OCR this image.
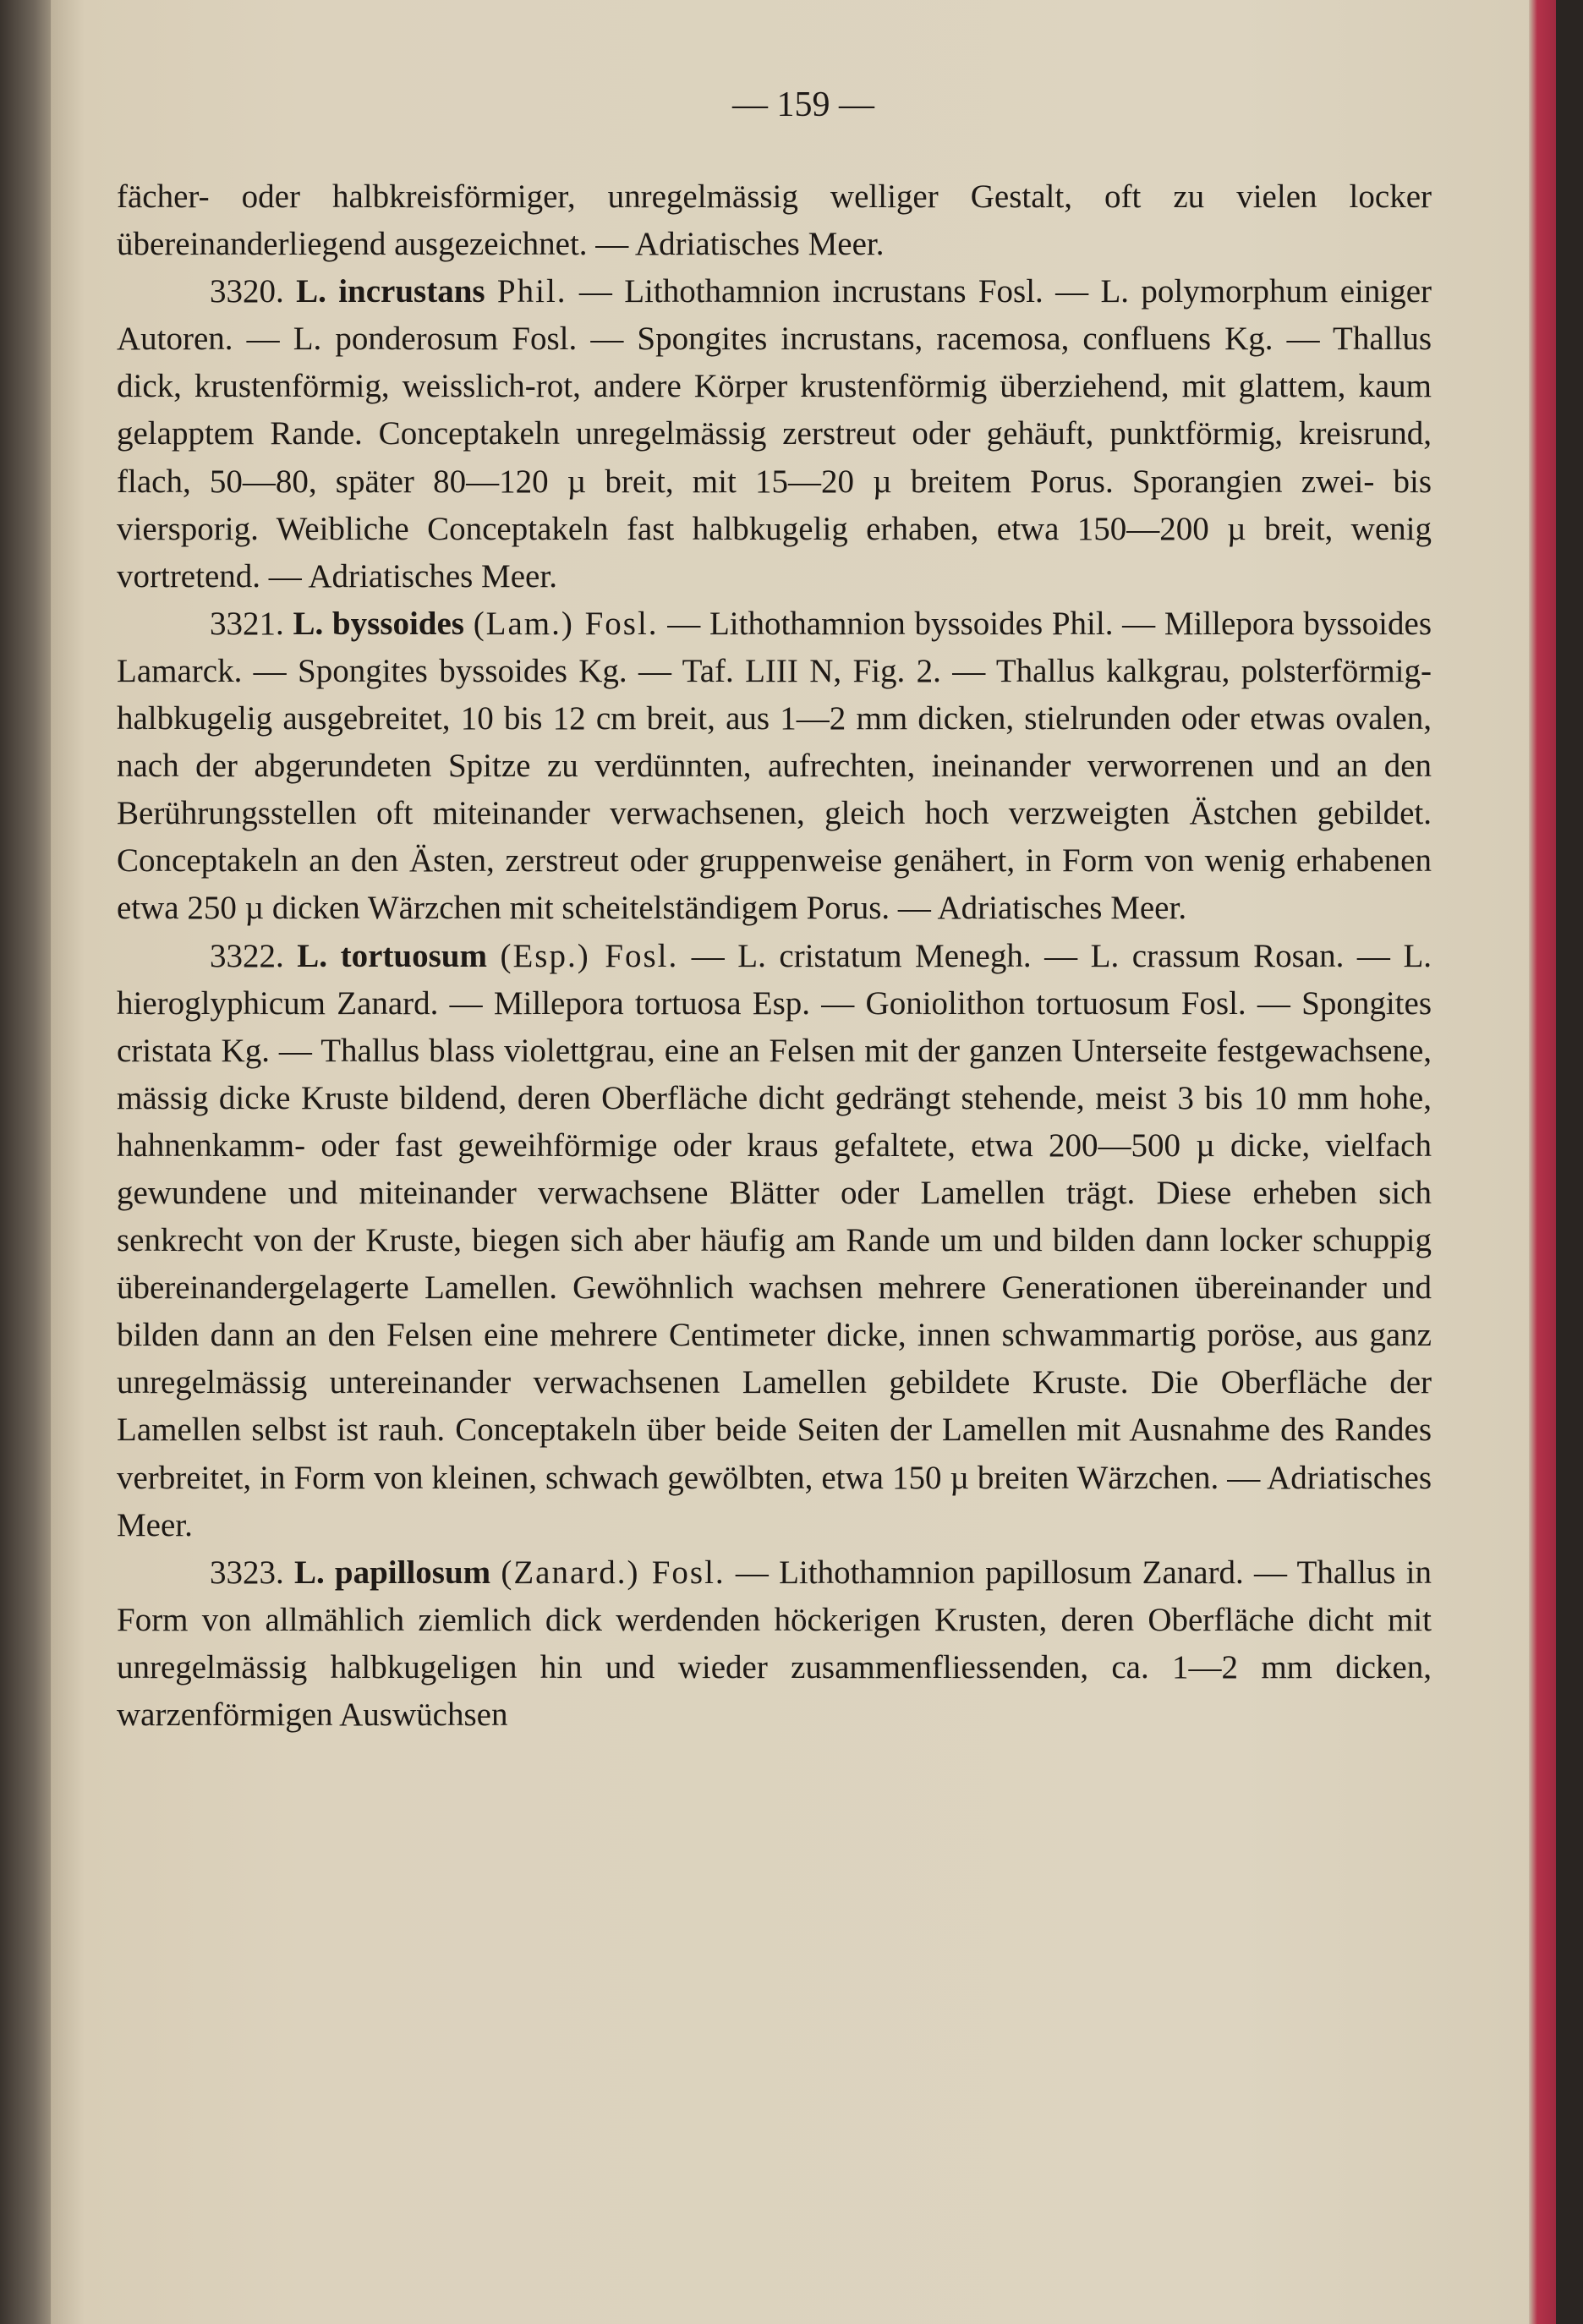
— 159 —

fächer- oder halbkreisförmiger, unregelmässig welliger Gestalt, oft zu vielen locker übereinanderliegend ausgezeichnet. — Adriatisches Meer.

3320. L. incrustans Phil. — Lithothamnion incrustans Fosl. — L. polymorphum einiger Autoren. — L. ponderosum Fosl. — Spongites incrustans, racemosa, confluens Kg. — Thallus dick, krustenförmig, weisslich-rot, andere Körper krustenförmig überziehend, mit glattem, kaum gelapptem Rande. Conceptakeln unregelmässig zerstreut oder gehäuft, punktförmig, kreisrund, flach, 50—80, später 80—120 µ breit, mit 15—20 µ breitem Porus. Sporangien zwei- bis viersporig. Weibliche Conceptakeln fast halbkugelig erhaben, etwa 150—200 µ breit, wenig vortretend. — Adriatisches Meer.

3321. L. byssoides (Lam.) Fosl. — Lithothamnion byssoides Phil. — Millepora byssoides Lamarck. — Spongites byssoides Kg. — Taf. LIII N, Fig. 2. — Thallus kalkgrau, polsterförmig-halbkugelig ausgebreitet, 10 bis 12 cm breit, aus 1—2 mm dicken, stielrunden oder etwas ovalen, nach der abgerundeten Spitze zu verdünnten, aufrechten, ineinander verworrenen und an den Berührungsstellen oft miteinander verwachsenen, gleich hoch verzweigten Ästchen gebildet. Conceptakeln an den Ästen, zerstreut oder gruppenweise genähert, in Form von wenig erhabenen etwa 250 µ dicken Wärzchen mit scheitelständigem Porus. — Adriatisches Meer.

3322. L. tortuosum (Esp.) Fosl. — L. cristatum Menegh. — L. crassum Rosan. — L. hieroglyphicum Zanard. — Millepora tortuosa Esp. — Goniolithon tortuosum Fosl. — Spongites cristata Kg. — Thallus blass violettgrau, eine an Felsen mit der ganzen Unterseite festgewachsene, mässig dicke Kruste bildend, deren Oberfläche dicht gedrängt stehende, meist 3 bis 10 mm hohe, hahnenkamm- oder fast geweihförmige oder kraus gefaltete, etwa 200—500 µ dicke, vielfach gewundene und miteinander verwachsene Blätter oder Lamellen trägt. Diese erheben sich senkrecht von der Kruste, biegen sich aber häufig am Rande um und bilden dann locker schuppig übereinandergelagerte Lamellen. Gewöhnlich wachsen mehrere Generationen übereinander und bilden dann an den Felsen eine mehrere Centimeter dicke, innen schwammartig poröse, aus ganz unregelmässig untereinander verwachsenen Lamellen gebildete Kruste. Die Oberfläche der Lamellen selbst ist rauh. Conceptakeln über beide Seiten der Lamellen mit Ausnahme des Randes verbreitet, in Form von kleinen, schwach gewölbten, etwa 150 µ breiten Wärzchen. — Adriatisches Meer.

3323. L. papillosum (Zanard.) Fosl. — Lithothamnion papillosum Zanard. — Thallus in Form von allmählich ziemlich dick werdenden höckerigen Krusten, deren Oberfläche dicht mit unregelmässig halbkugeligen hin und wieder zusammenfliessenden, ca. 1—2 mm dicken, warzenförmigen Auswüchsen
